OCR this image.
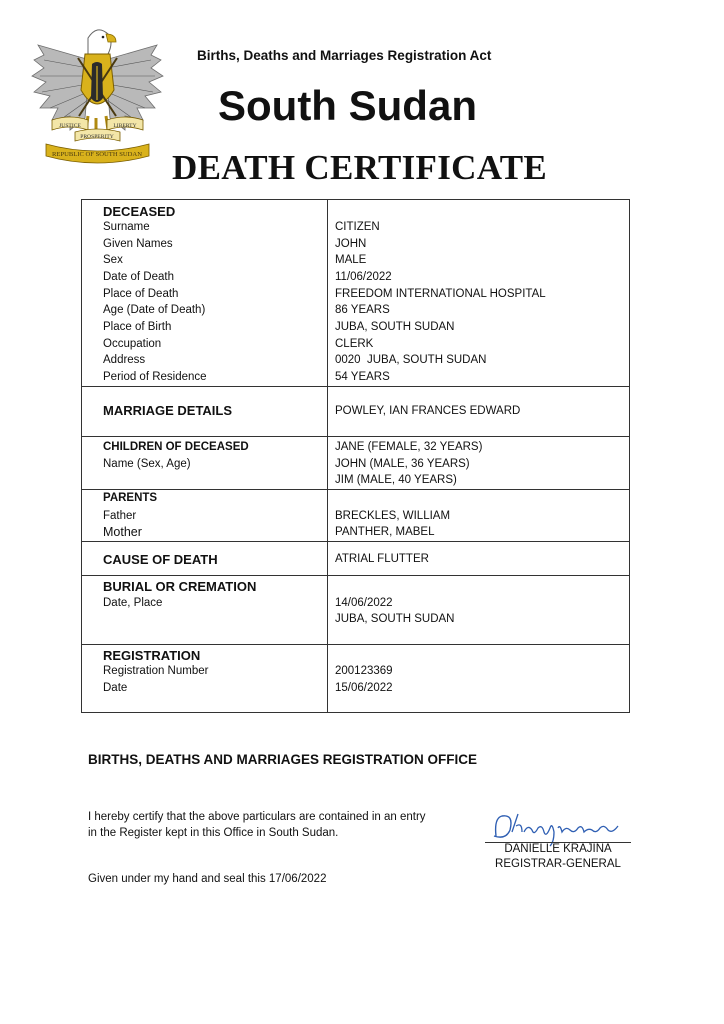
JUSTICE	LIBERTY
PROSPERITY
REPUBLIC OF SOUTH SUDAN
Births, Deaths and Marriages Registration Act
South Sudan
DEATH CERTIFICATE
DECEASED
Surname	CITIZEN
Given Names	JOHN
Sex	MALE
Date of Death	11/06/2022
Place of Death	FREEDOM INTERNATIONAL HOSPITAL
Age (Date of Death)	86 YEARS
Place of Birth	JUBA, SOUTH SUDAN
Occupation	CLERK
Address	0020  JUBA, SOUTH SUDAN
Period of Residence	54 YEARS
MARRIAGE DETAILS	POWLEY, IAN FRANCES EDWARD
CHILDREN OF DECEASED	JANE (FEMALE, 32 YEARS)
Name (Sex, Age)	JOHN (MALE, 36 YEARS)
JIM (MALE, 40 YEARS)
PARENTS
Father	BRECKLES, WILLIAM
Mother	PANTHER, MABEL
CAUSE OF DEATH	ATRIAL FLUTTER
BURIAL OR CREMATION
Date, Place	14/06/2022
JUBA, SOUTH SUDAN
REGISTRATION
Registration Number	200123369
Date	15/06/2022
BIRTHS, DEATHS AND MARRIAGES REGISTRATION OFFICE
I hereby certify that the above particulars are contained in an entry
in the Register kept in this Office in South Sudan.
Given under my hand and seal this 17/06/2022
DANIELLE KRAJINA
REGISTRAR-GENERAL
